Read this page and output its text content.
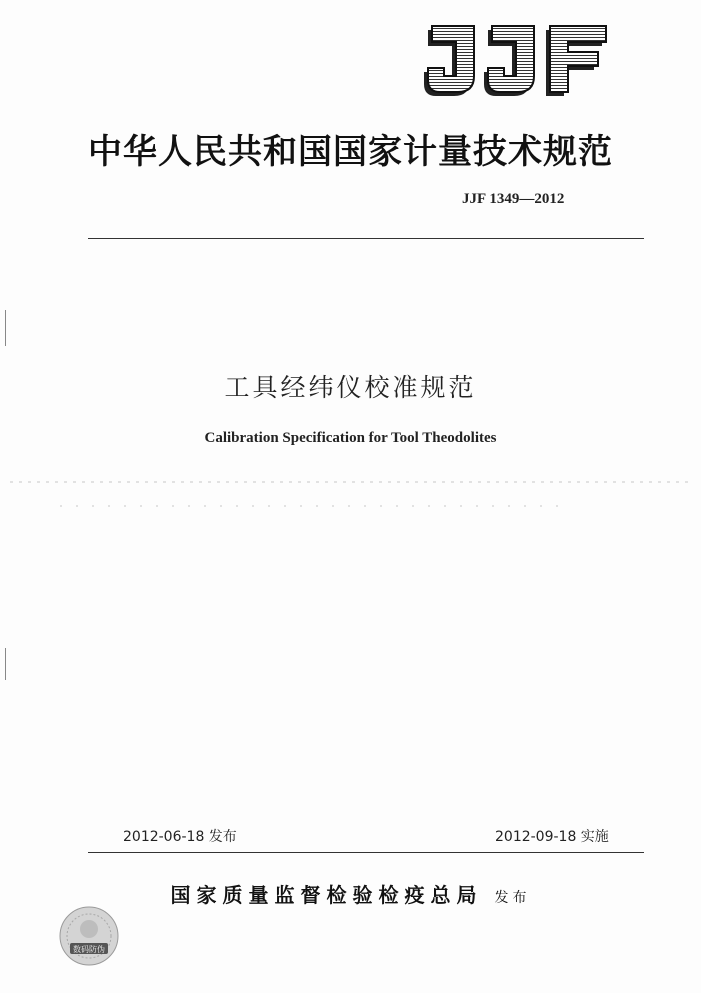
JJF
中华人民共和国国家计量技术规范
JJF 1349—2012
工具经纬仪校准规范
Calibration Specification for Tool Theodolites
2012-06-18 发布	2012-09-18 实施
国家质量监督检验检疫总局 发布
数码防伪
